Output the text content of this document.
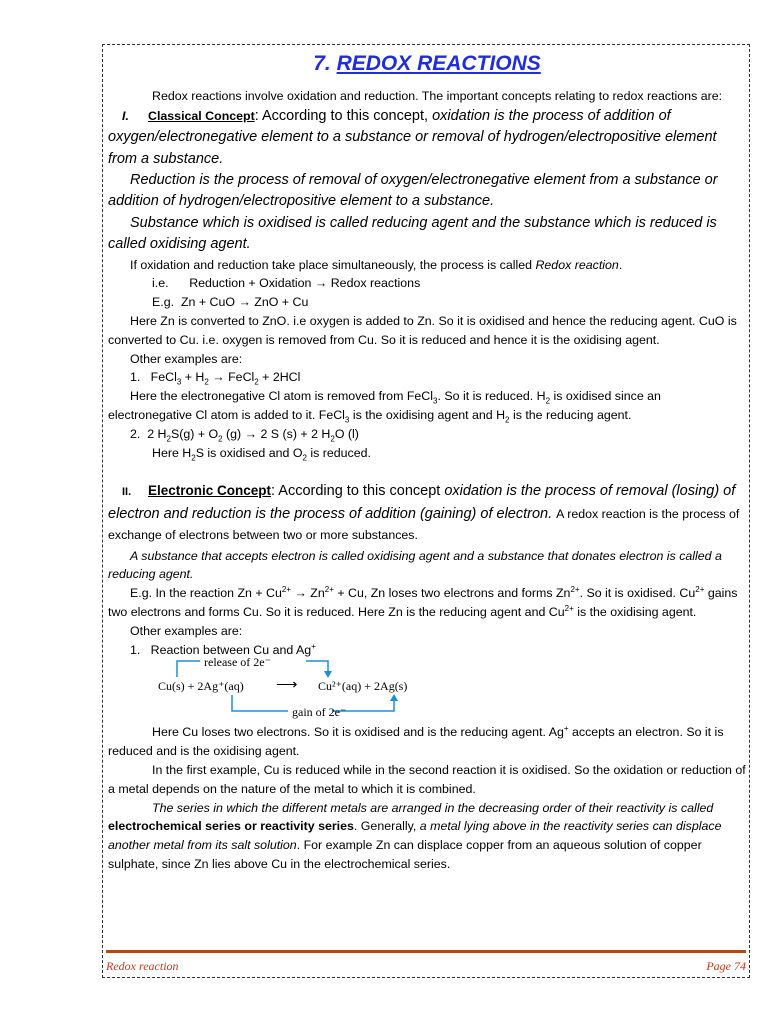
7. REDOX REACTIONS

Redox reactions involve oxidation and reduction. The important concepts relating to redox reactions are:

I. Classical Concept: According to this concept, oxidation is the process of addition of oxygen/electronegative element to a substance or removal of hydrogen/electropositive element from a substance.

Reduction is the process of removal of oxygen/electronegative element from a substance or addition of hydrogen/electropositive element to a substance.

Substance which is oxidised is called reducing agent and the substance which is reduced is called oxidising agent.

If oxidation and reduction take place simultaneously, the process is called Redox reaction.

i.e. Reduction + Oxidation → Redox reactions

E.g. Zn + CuO → ZnO + Cu

Here Zn is converted to ZnO. i.e oxygen is added to Zn. So it is oxidised and hence the reducing agent. CuO is converted to Cu. i.e. oxygen is removed from Cu. So it is reduced and hence it is the oxidising agent.

Other examples are:

1.   FeCl$_3$ + $H_2$ → FeCl$_2$ + 2HCl

Here the electronegative Cl atom is removed from FeCl$_3$. So it is reduced. $H_2$ is oxidised since an electronegative Cl atom is added to it. FeCl$_3$ is the oxidising agent and $H_2$ is the reducing agent.

2.  2 $H_2S(g) + O_2$ (g) → 2 S (s) + 2 $H_2O$ (l)

Here $H_2S$ is oxidised and $O_2$ is reduced.

II. Electronic Concept: According to this concept oxidation is the process of removal (losing) of electron and reduction is the process of addition (gaining) of electron. A redox reaction is the process of exchange of electrons between two or more substances.

A substance that accepts electron is called oxidising agent and a substance that donates electron is called a reducing agent.

E.g. In the reaction $Zn + Cu^{2+} \to Zn^{2+} + Cu$, Zn loses two electrons and forms $Zn^{2+}$. So it is oxidised. $Cu^{2+}$ gains two electrons and forms Cu. So it is reduced. Here Zn is the reducing agent and $Cu^{2+}$ is the oxidising agent.

Other examples are:

1. Reaction between Cu and Ag+

release of 2e⁻
Cu(s) + 2Ag⁺(aq) ⟶ Cu²⁺(aq) + 2Ag(s)
gain of 2e⁻

Here Cu loses two electrons. So it is oxidised and is the reducing agent. Ag+ accepts an electron. So it is reduced and is the oxidising agent.

In the first example, Cu is reduced while in the second reaction it is oxidised. So the oxidation or reduction of a metal depends on the nature of the metal to which it is combined.

The series in which the different metals are arranged in the decreasing order of their reactivity is called electrochemical series or reactivity series. Generally, a metal lying above in the reactivity series can displace another metal from its salt solution. For example Zn can displace copper from an aqueous solution of copper sulphate, since Zn lies above Cu in the electrochemical series.

Redox reaction	Page 74
